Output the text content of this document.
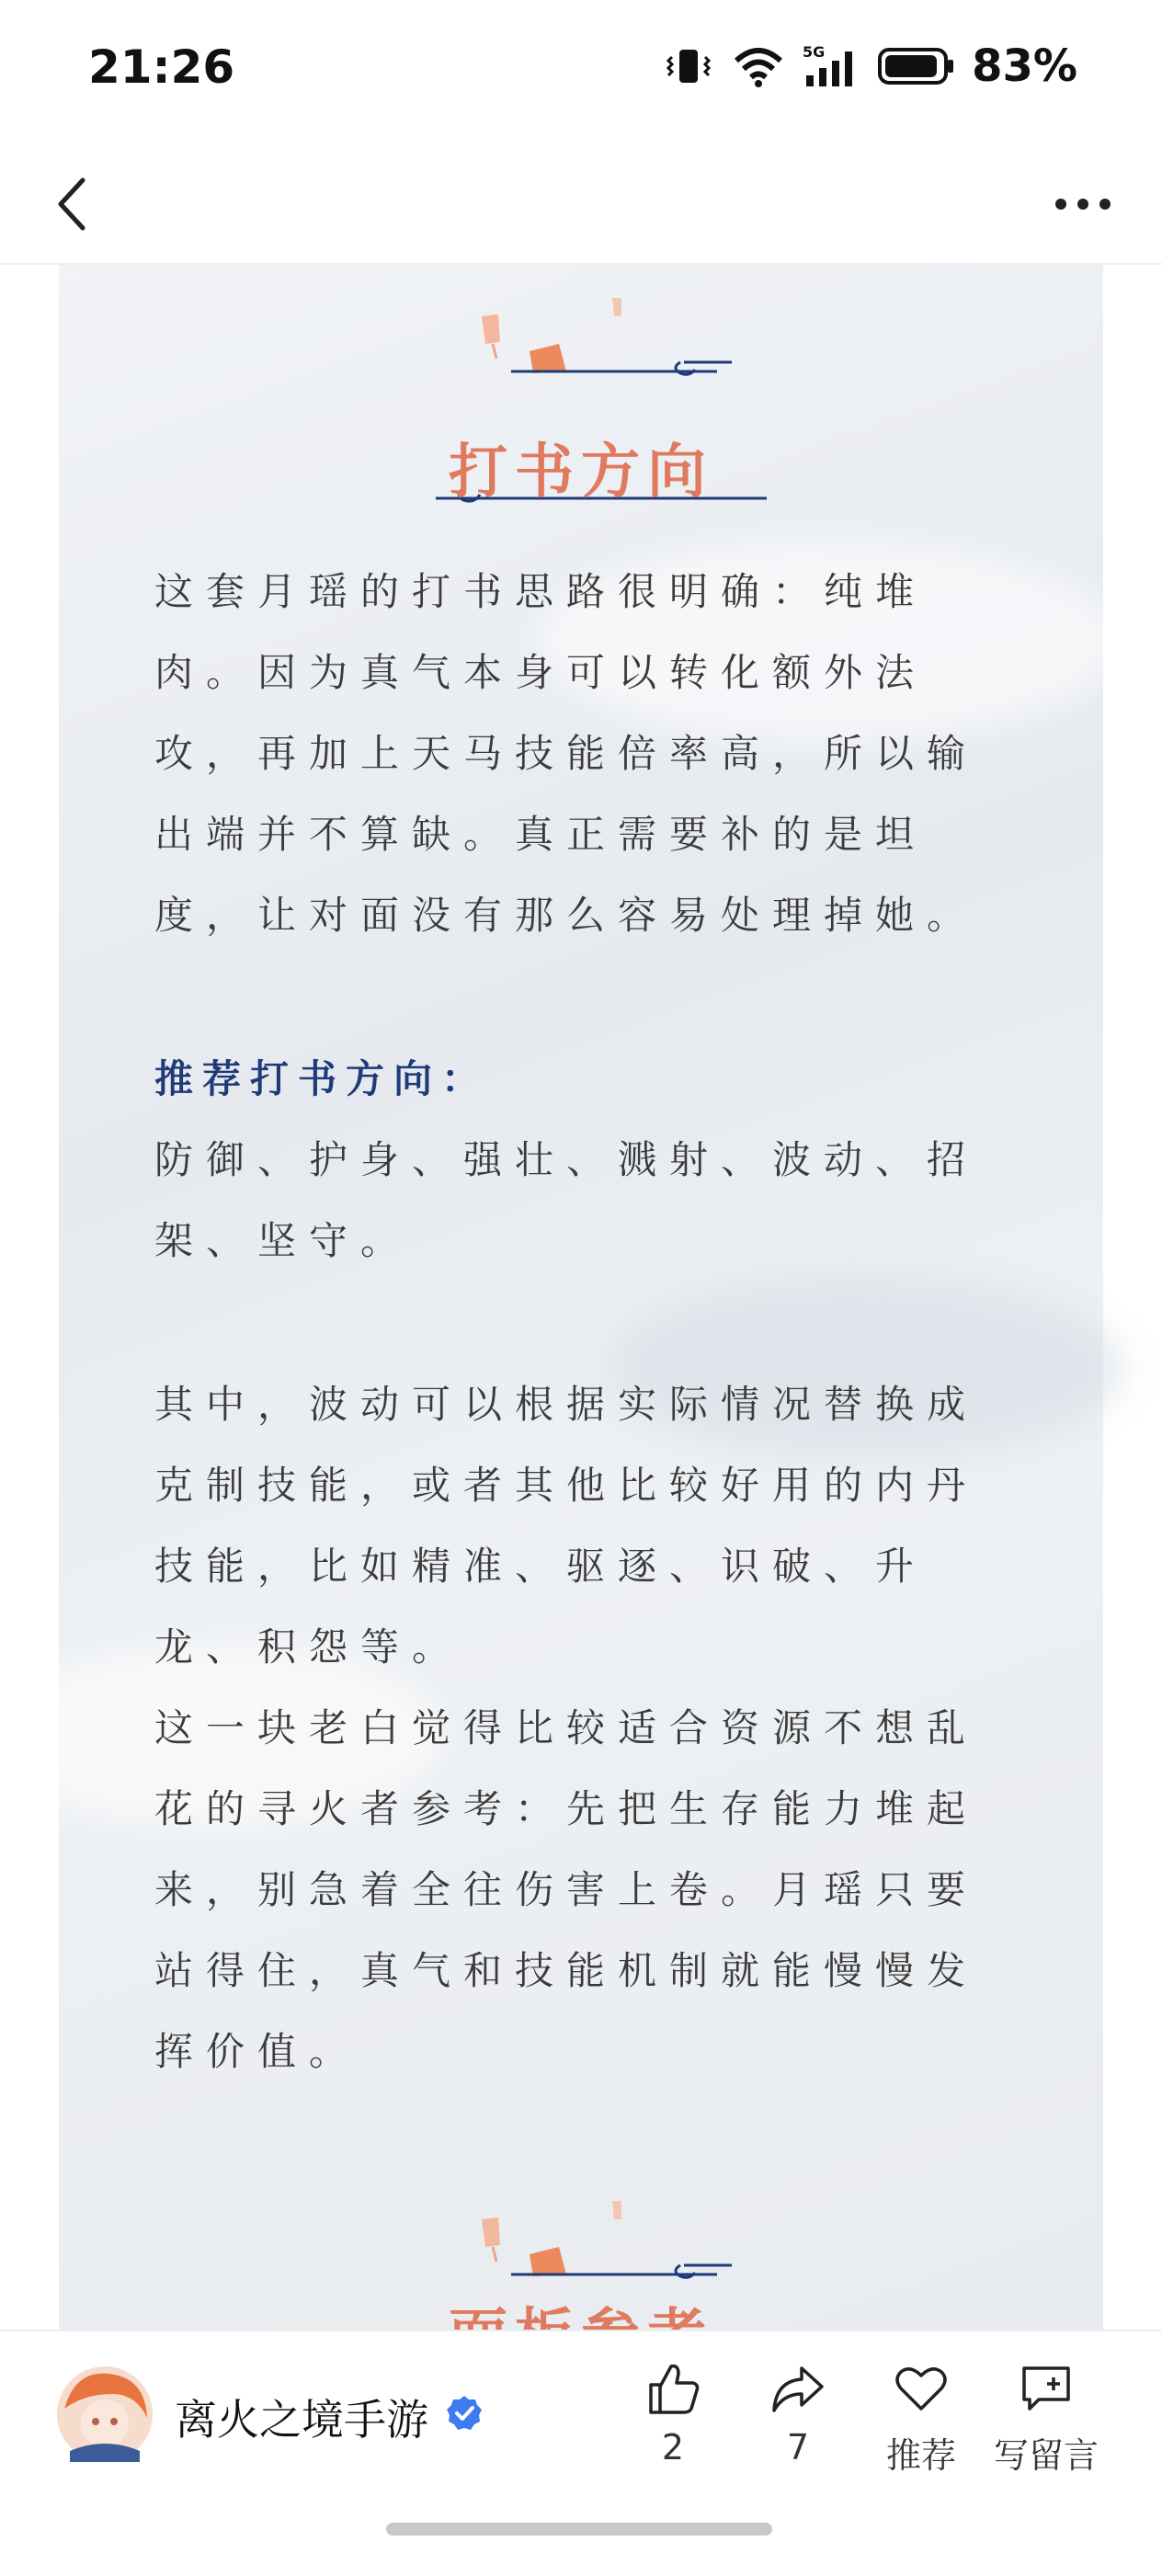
21:26	5G	83%
打书方向

这套月瑶的打书思路很明确：纯堆肉。因为真气本身可以转化额外法攻，再加上天马技能倍率高，所以输出端并不算缺。真正需要补的是坦度，让对面没有那么容易处理掉她。

推荐打书方向：

防御、护身、强壮、溅射、波动、招架、坚守。

其中，波动可以根据实际情况替换成克制技能，或者其他比较好用的内丹技能，比如精准、驱逐、识破、升龙、积怨等。

这一块老白觉得比较适合资源不想乱花的寻火者参考：先把生存能力堆起来，别急着全往伤害上卷。月瑶只要站得住，真气和技能机制就能慢慢发挥价值。

离火之境手游
2	7	推荐	写留言
